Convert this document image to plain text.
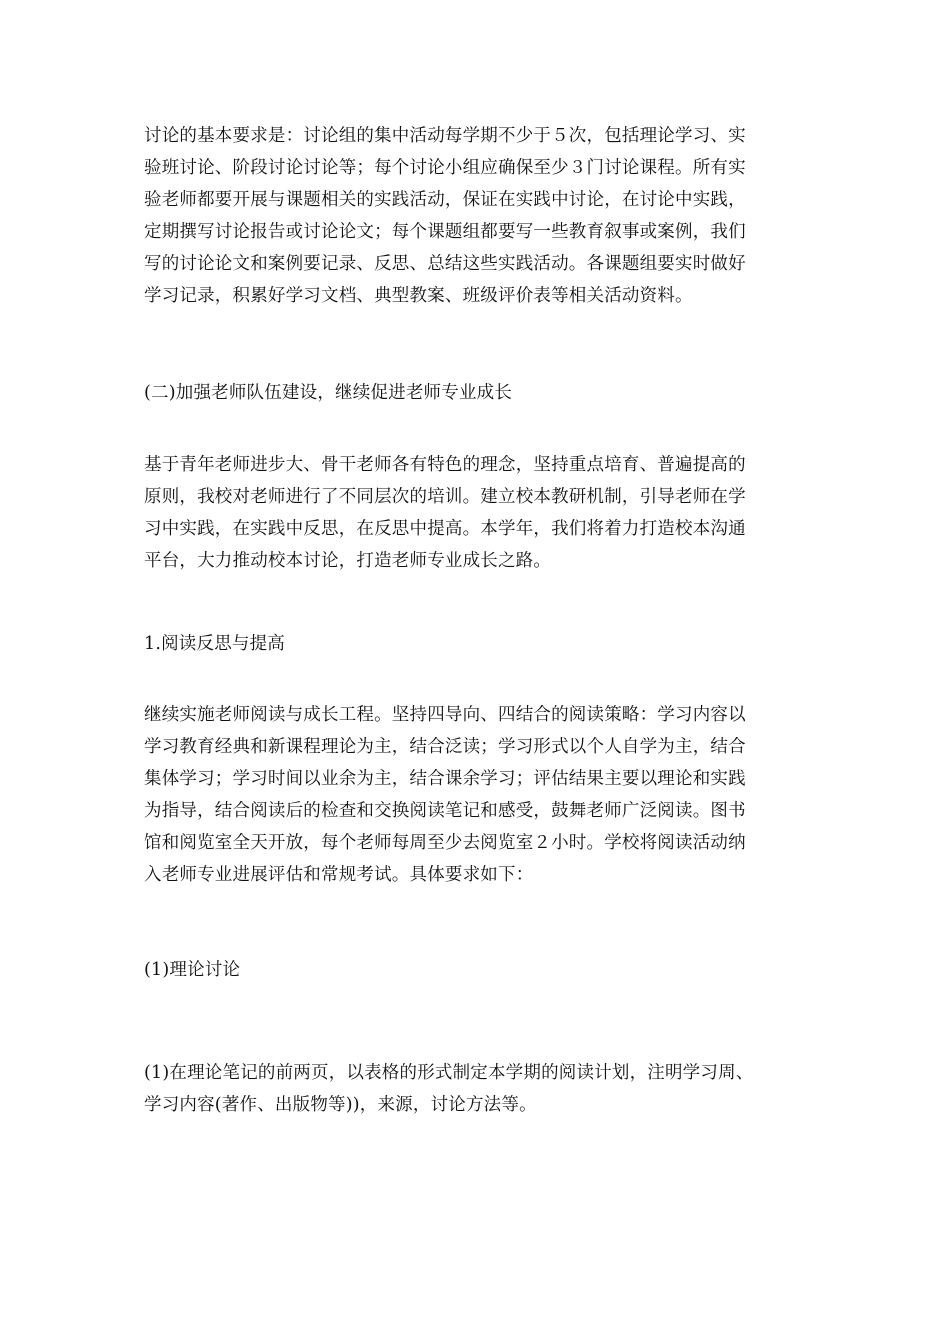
讨论的基本要求是：讨论组的集中活动每学期不少于５次，包括理论学习、实
验班讨论、阶段讨论讨论等；每个讨论小组应确保至少３门讨论课程。所有实
验老师都要开展与课题相关的实践活动，保证在实践中讨论，在讨论中实践，
定期撰写讨论报告或讨论论文；每个课题组都要写一些教育叙事或案例，我们
写的讨论论文和案例要记录、反思、总结这些实践活动。各课题组要实时做好
学习记录，积累好学习文档、典型教案、班级评价表等相关活动资料。
(二)加强老师队伍建设，继续促进老师专业成长
基于青年老师进步大、骨干老师各有特色的理念，坚持重点培育、普遍提高的
原则，我校对老师进行了不同层次的培训。建立校本教研机制，引导老师在学
习中实践，在实践中反思，在反思中提高。本学年，我们将着力打造校本沟通
平台，大力推动校本讨论，打造老师专业成长之路。
1.阅读反思与提高
继续实施老师阅读与成长工程。坚持四导向、四结合的阅读策略：学习内容以
学习教育经典和新课程理论为主，结合泛读；学习形式以个人自学为主，结合
集体学习；学习时间以业余为主，结合课余学习；评估结果主要以理论和实践
为指导，结合阅读后的检查和交换阅读笔记和感受，鼓舞老师广泛阅读。图书
馆和阅览室全天开放，每个老师每周至少去阅览室２小时。学校将阅读活动纳
入老师专业进展评估和常规考试。具体要求如下：
(1)理论讨论
(1)在理论笔记的前两页，以表格的形式制定本学期的阅读计划，注明学习周、
学习内容(著作、出版物等))，来源，讨论方法等。
